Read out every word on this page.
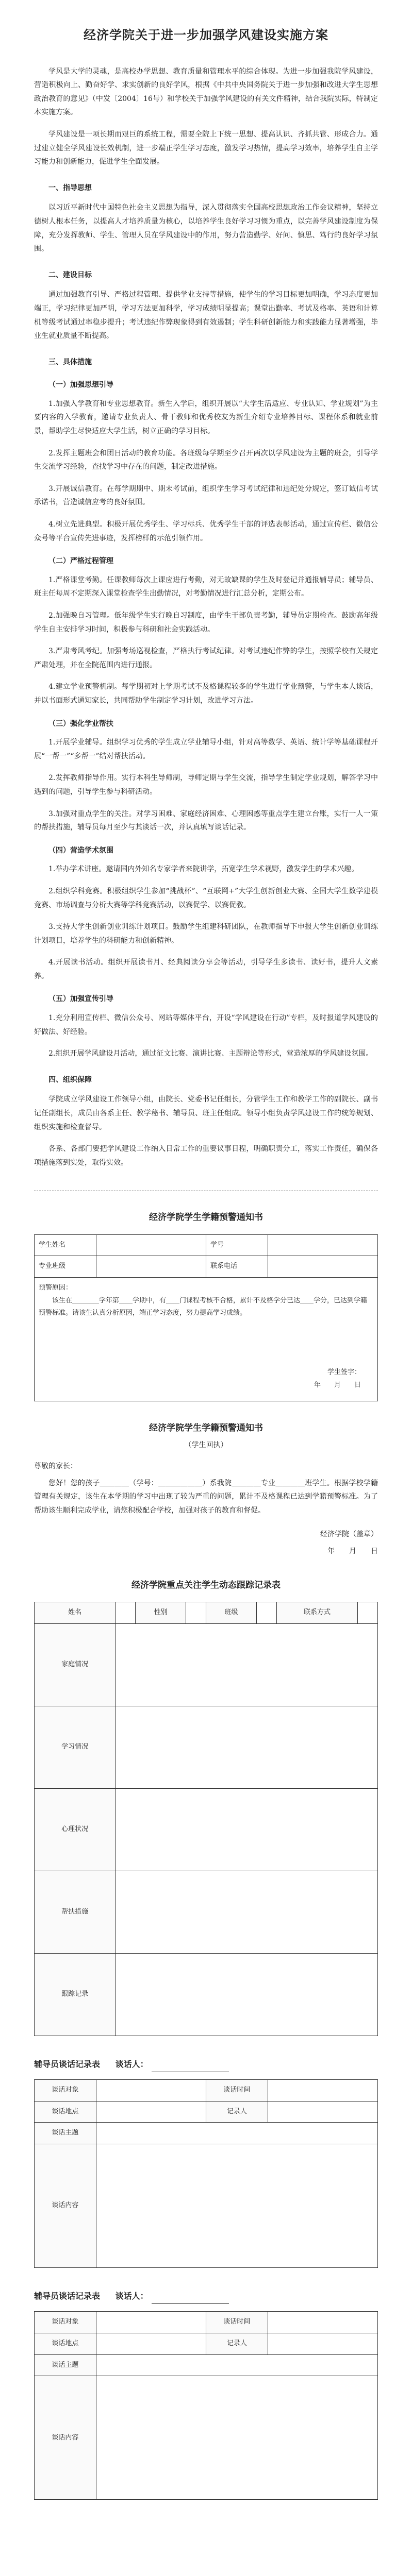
经济学院关于进一步加强学风建设实施方案

学风是大学的灵魂，是高校办学思想、教育质量和管理水平的综合体现。为进一步加强我院学风建设，营造积极向上、勤奋好学、求实创新的良好学风，根据《中共中央国务院关于进一步加强和改进大学生思想政治教育的意见》（中发〔2004〕16号）和学校关于加强学风建设的有关文件精神，结合我院实际，特制定本实施方案。

学风建设是一项长期而艰巨的系统工程，需要全院上下统一思想、提高认识、齐抓共管、形成合力。通过建立健全学风建设长效机制，进一步端正学生学习态度，激发学习热情，提高学习效率，培养学生自主学习能力和创新能力，促进学生全面发展。

一、指导思想

以习近平新时代中国特色社会主义思想为指导，深入贯彻落实全国高校思想政治工作会议精神，坚持立德树人根本任务，以提高人才培养质量为核心，以培养学生良好学习习惯为重点，以完善学风建设制度为保障，充分发挥教师、学生、管理人员在学风建设中的作用，努力营造勤学、好问、慎思、笃行的良好学习氛围。

二、建设目标

通过加强教育引导、严格过程管理、提供学业支持等措施，使学生的学习目标更加明确，学习态度更加端正，学习纪律更加严明，学习方法更加科学，学习成绩明显提高；课堂出勤率、考试及格率、英语和计算机等级考试通过率稳步提升；考试违纪作弊现象得到有效遏制；学生科研创新能力和实践能力显著增强，毕业生就业质量不断提高。

三、具体措施
（一）加强思想引导

1.加强入学教育和专业思想教育。新生入学后，组织开展以“大学生活适应、专业认知、学业规划”为主要内容的入学教育，邀请专业负责人、骨干教师和优秀校友为新生介绍专业培养目标、课程体系和就业前景，帮助学生尽快适应大学生活，树立正确的学习目标。

2.发挥主题班会和团日活动的教育功能。各班级每学期至少召开两次以学风建设为主题的班会，引导学生交流学习经验，查找学习中存在的问题，制定改进措施。

3.开展诚信教育。在每学期期中、期末考试前，组织学生学习考试纪律和违纪处分规定，签订诚信考试承诺书，营造诚信应考的良好氛围。

4.树立先进典型。积极开展优秀学生、学习标兵、优秀学生干部的评选表彰活动，通过宣传栏、微信公众号等平台宣传先进事迹，发挥榜样的示范引领作用。

（二）严格过程管理

1.严格课堂考勤。任课教师每次上课应进行考勤，对无故缺课的学生及时登记并通报辅导员；辅导员、班主任每周不定期深入课堂检查学生出勤情况，对考勤情况进行汇总分析，定期公布。

2.加强晚自习管理。低年级学生实行晚自习制度，由学生干部负责考勤，辅导员定期检查。鼓励高年级学生自主安排学习时间，积极参与科研和社会实践活动。

3.严肃考风考纪。加强考场巡视检查，严格执行考试纪律。对考试违纪作弊的学生，按照学校有关规定严肃处理，并在全院范围内进行通报。

4.建立学业预警机制。每学期初对上学期考试不及格课程较多的学生进行学业预警，与学生本人谈话，并以书面形式通知家长，共同帮助学生制定学习计划，改进学习方法。

（三）强化学业帮扶

1.开展学业辅导。组织学习优秀的学生成立学业辅导小组，针对高等数学、英语、统计学等基础课程开展“一帮一”“多帮一”结对帮扶活动。

2.发挥教师指导作用。实行本科生导师制，导师定期与学生交流，指导学生制定学业规划，解答学习中遇到的问题，引导学生参与科研活动。

3.加强对重点学生的关注。对学习困难、家庭经济困难、心理困惑等重点学生建立台账，实行一人一策的帮扶措施，辅导员每月至少与其谈话一次，并认真填写谈话记录。

（四）营造学术氛围

1.举办学术讲座。邀请国内外知名专家学者来院讲学，拓宽学生学术视野，激发学生的学术兴趣。

2.组织学科竞赛。积极组织学生参加“挑战杯”、“互联网+”大学生创新创业大赛、全国大学生数学建模竞赛、市场调查与分析大赛等学科竞赛活动，以赛促学、以赛促教。

3.支持大学生创新创业训练计划项目。鼓励学生组建科研团队，在教师指导下申报大学生创新创业训练计划项目，培养学生的科研能力和创新精神。

4.开展读书活动。组织开展读书月、经典阅读分享会等活动，引导学生多读书、读好书，提升人文素养。

（五）加强宣传引导

1.充分利用宣传栏、微信公众号、网站等媒体平台，开设“学风建设在行动”专栏，及时报道学风建设的好做法、好经验。

2.组织开展学风建设月活动，通过征文比赛、演讲比赛、主题辩论等形式，营造浓厚的学风建设氛围。

四、组织保障

学院成立学风建设工作领导小组，由院长、党委书记任组长，分管学生工作和教学工作的副院长、副书记任副组长，成员由各系主任、教学秘书、辅导员、班主任组成。领导小组负责学风建设工作的统筹规划、组织实施和检查督导。

各系、各部门要把学风建设工作纳入日常工作的重要议事日程，明确职责分工，落实工作责任，确保各项措施落到实处，取得实效。

经济学院学生学籍预警通知书
学生姓名		学号	
专业班级		联系电话	

预警原因：
该生在＿＿＿＿学年第＿＿学期中，有＿＿门课程考核不合格，累计不及格学分已达＿＿学分，已达到学籍预警标准。请该生认真分析原因，端正学习态度，努力提高学习成绩。
学生签字：
年　　月　　日			
经济学院学生学籍预警通知书
（学生回执）

尊敬的家长：

您好！您的孩子＿＿＿＿（学号：＿＿＿＿＿＿）系我院＿＿＿＿专业＿＿＿＿班学生。根据学校学籍管理有关规定，该生在本学期的学习中出现了较为严重的问题，累计不及格课程已达到学籍预警标准。为了帮助该生顺利完成学业，请您积极配合学校，加强对孩子的教育和督促。

经济学院（盖章）
年　　月　　日
经济学院重点关注学生动态跟踪记录表
姓名		性别		班级		联系方式	
家庭情况							
学习情况							
心理状况							
帮扶措施							
跟踪记录							
辅导员谈话记录表 谈话人：
谈话对象		谈话时间	
谈话地点		记录人	
谈话主题			
谈话内容			
辅导员谈话记录表 谈话人：
谈话对象		谈话时间	
谈话地点		记录人	
谈话主题			
谈话内容			
